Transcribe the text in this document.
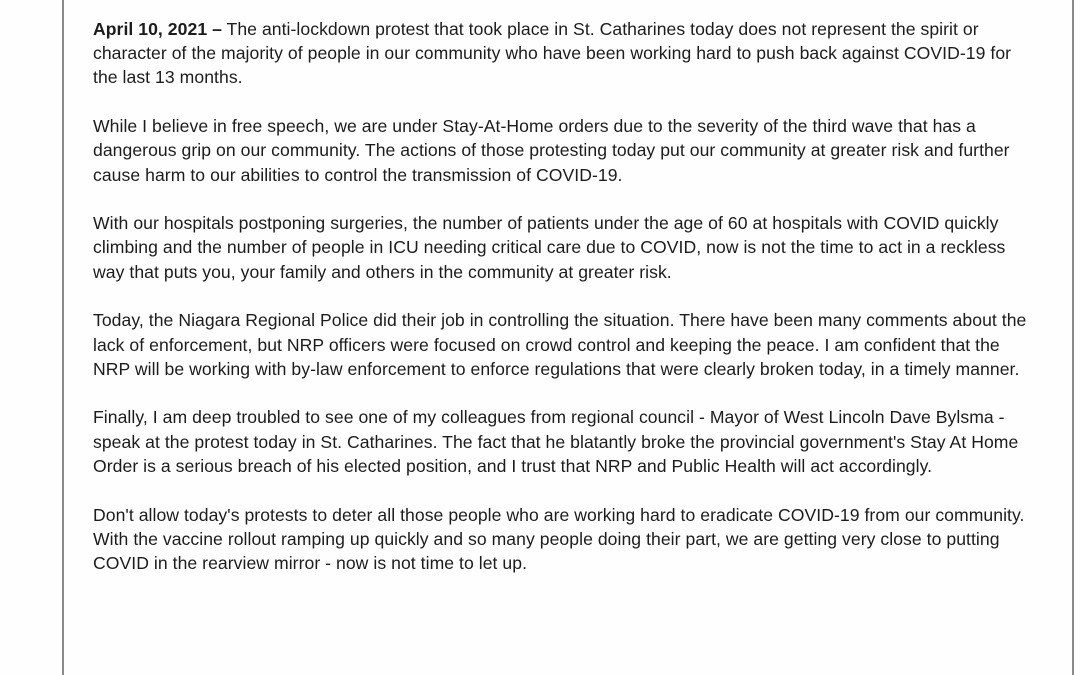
April 10, 2021 – The anti-lockdown protest that took place in St. Catharines today does not represent the spirit or character of the majority of people in our community who have been working hard to push back against COVID-19 for the last 13 months.

While I believe in free speech, we are under Stay-At-Home orders due to the severity of the third wave that has a dangerous grip on our community. The actions of those protesting today put our community at greater risk and further cause harm to our abilities to control the transmission of COVID-19.

With our hospitals postponing surgeries, the number of patients under the age of 60 at hospitals with COVID quickly climbing and the number of people in ICU needing critical care due to COVID, now is not the time to act in a reckless way that puts you, your family and others in the community at greater risk.

Today, the Niagara Regional Police did their job in controlling the situation. There have been many comments about the lack of enforcement, but NRP officers were focused on crowd control and keeping the peace. I am confident that the NRP will be working with by-law enforcement to enforce regulations that were clearly broken today, in a timely manner.

Finally, I am deep troubled to see one of my colleagues from regional council - Mayor of West Lincoln Dave Bylsma - speak at the protest today in St. Catharines. The fact that he blatantly broke the provincial government's Stay At Home Order is a serious breach of his elected position, and I trust that NRP and Public Health will act accordingly.

Don't allow today's protests to deter all those people who are working hard to eradicate COVID-19 from our community. With the vaccine rollout ramping up quickly and so many people doing their part, we are getting very close to putting COVID in the rearview mirror - now is not time to let up.
